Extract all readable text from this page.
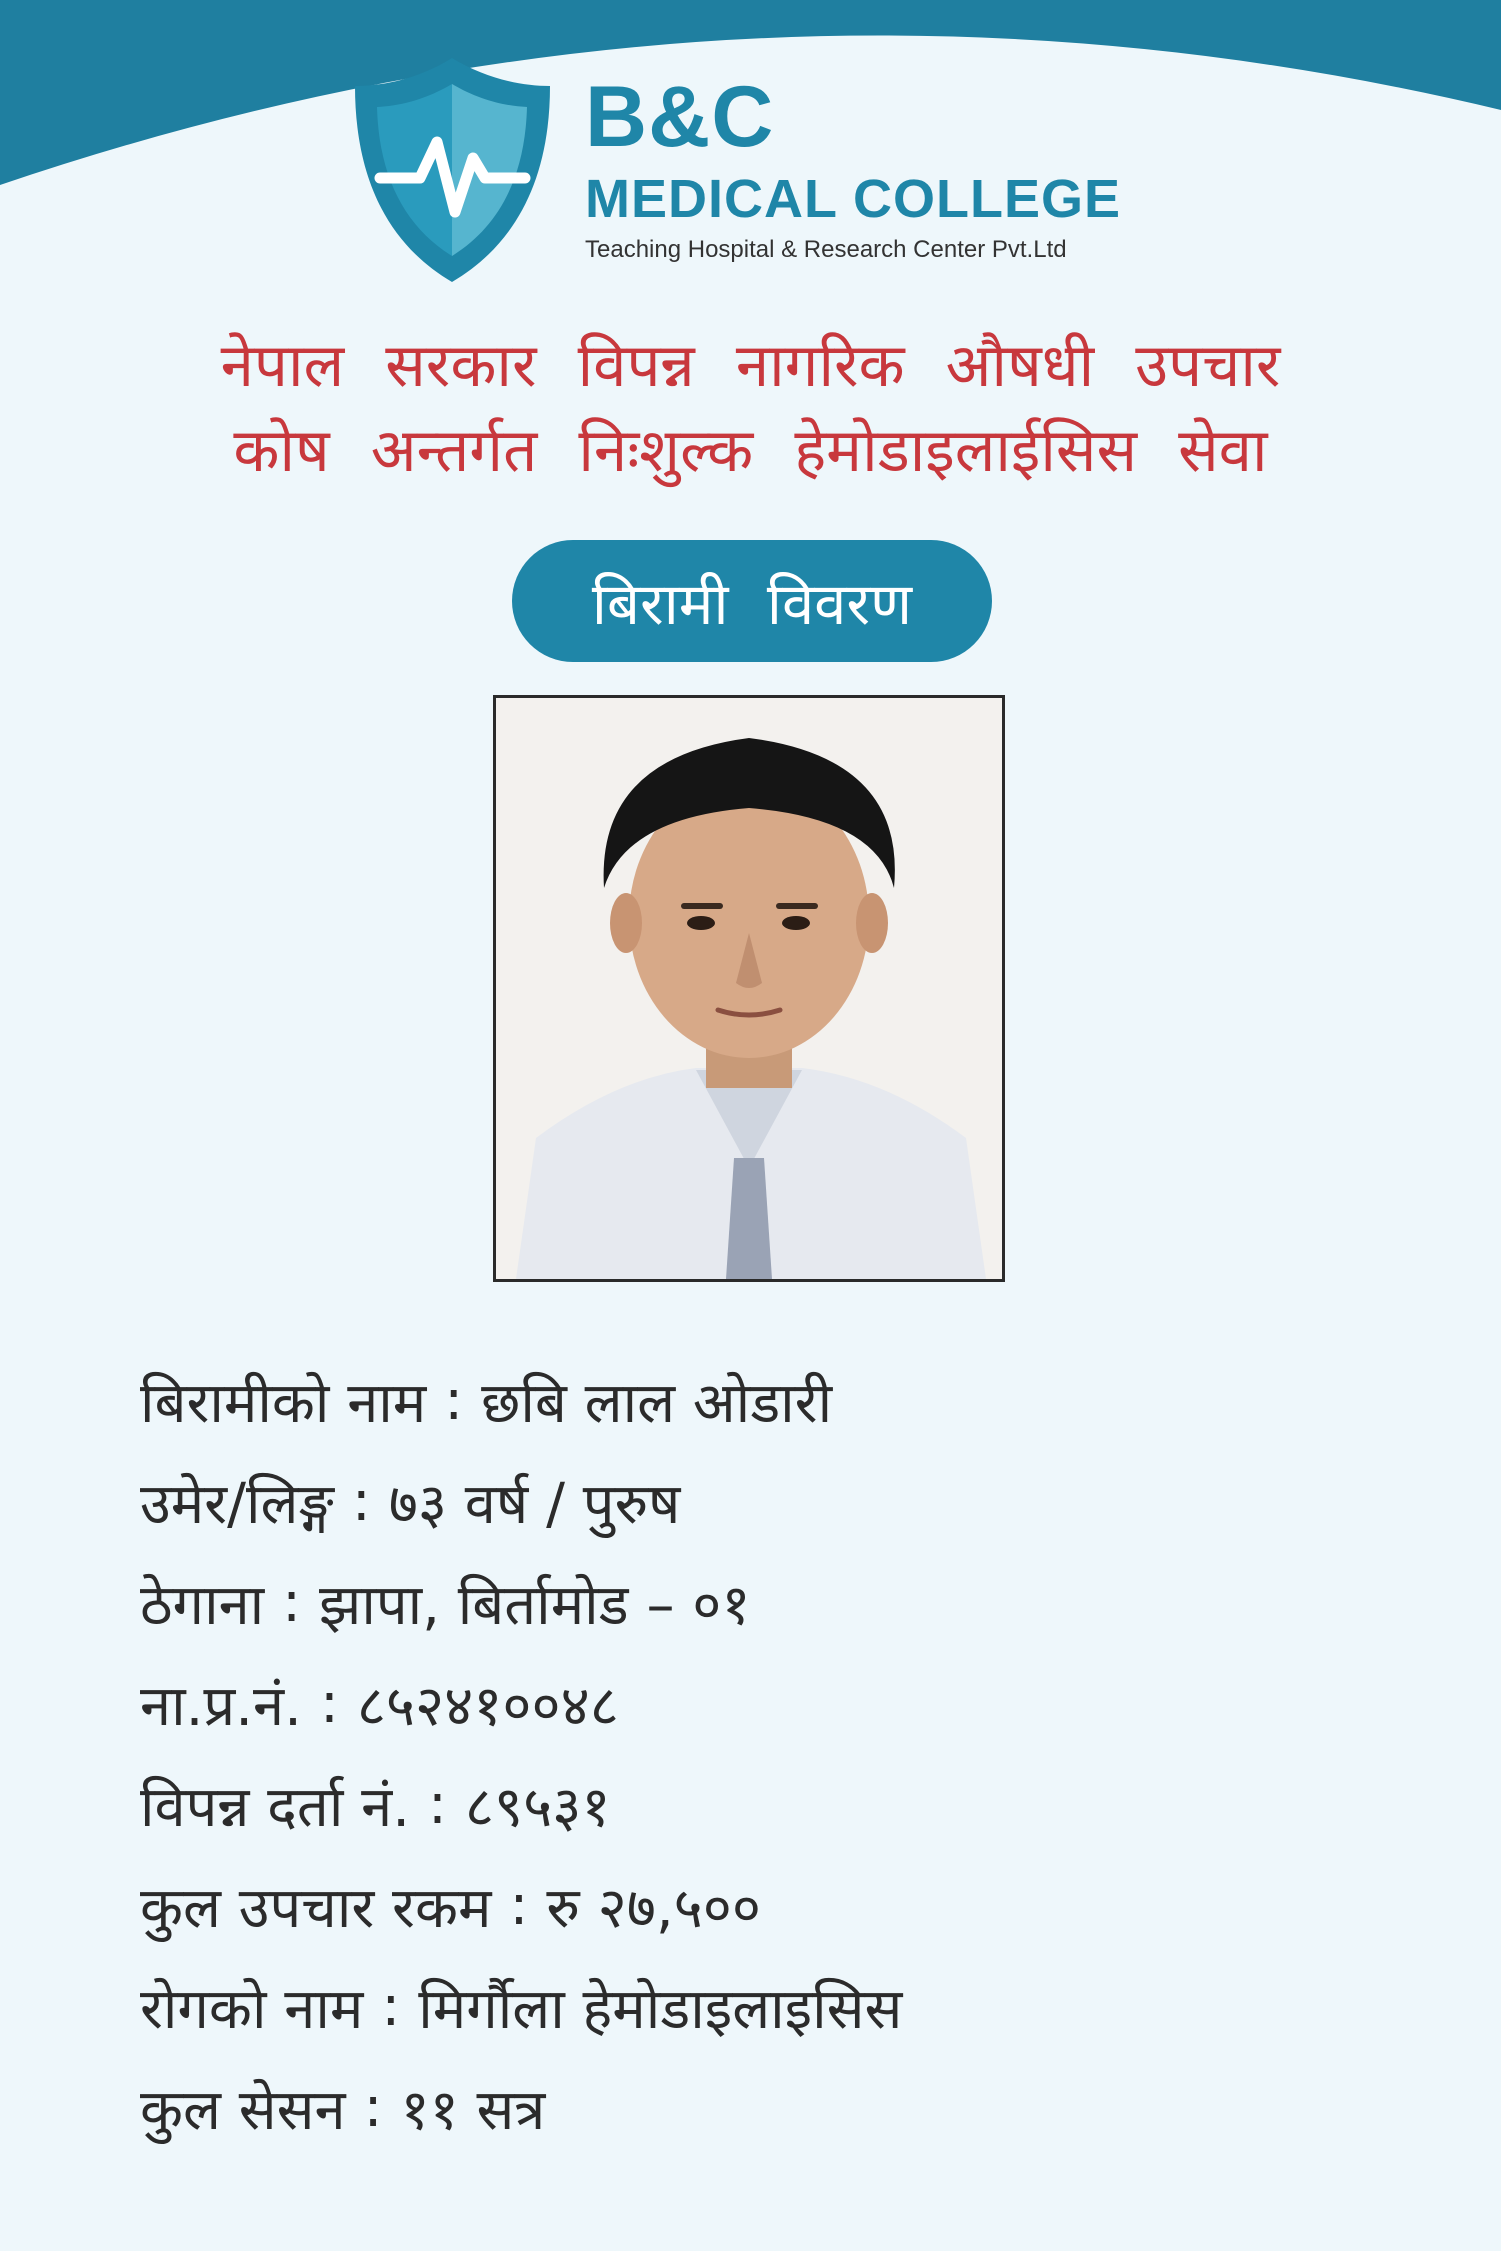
B&C
MEDICAL COLLEGE
Teaching Hospital & Research Center Pvt.Ltd
नेपाल सरकार विपन्न नागरिक औषधी उपचार
कोष अन्तर्गत निःशुल्क हेमोडाइलाईसिस सेवा
बिरामी विवरण
बिरामीको नाम : छबि लाल ओडारी
उमेर/लिङ्ग : ७३ वर्ष / पुरुष
ठेगाना : झापा, बिर्तामोड – ०१
ना.प्र.नं. : ८५२४१००४८
विपन्न दर्ता नं. : ८९५३१
कुल उपचार रकम : रु २७,५००
रोगको नाम : मिर्गौला हेमोडाइलाइसिस
कुल सेसन : ११ सत्र
